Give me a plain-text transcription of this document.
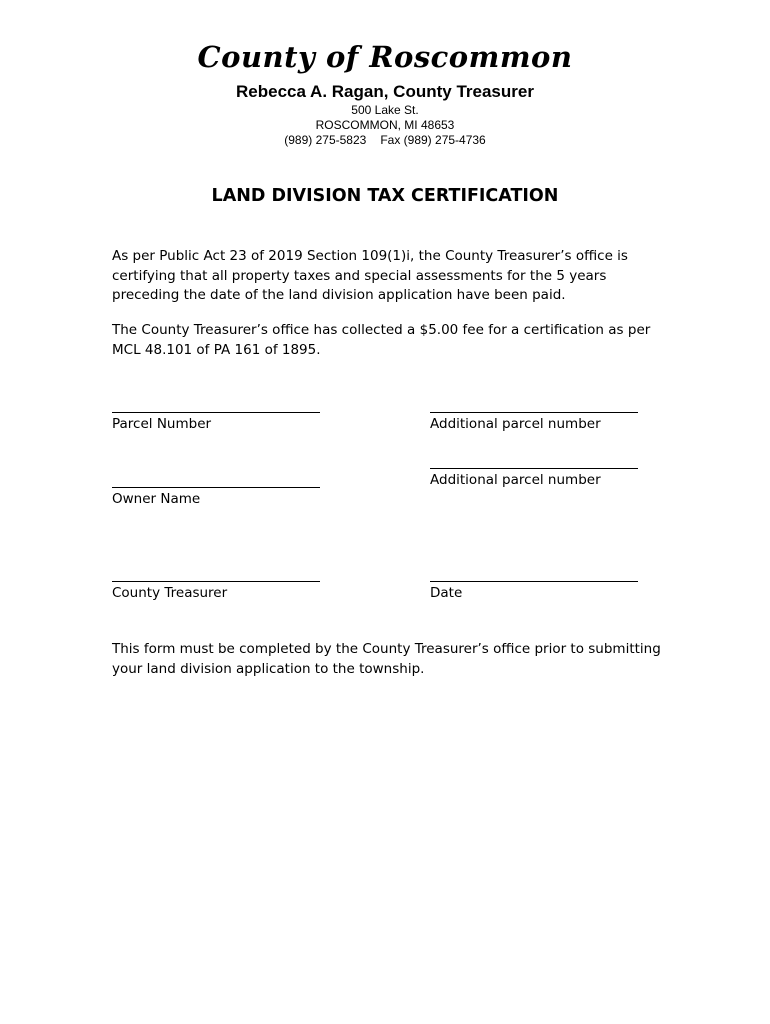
County of Roscommon
Rebecca A. Ragan, County Treasurer
500 Lake St.
ROSCOMMON, MI 48653
(989) 275-5823 Fax (989) 275-4736
LAND DIVISION TAX CERTIFICATION
As per Public Act 23 of 2019 Section 109(1)i, the County Treasurer’s office is
certifying that all property taxes and special assessments for the 5 years
preceding the date of the land division application have been paid.
The County Treasurer’s office has collected a $5.00 fee for a certification as per
MCL 48.101 of PA 161 of 1895.
Parcel Number
Owner Name
County Treasurer
Additional parcel number
Additional parcel number
Date
This form must be completed by the County Treasurer’s office prior to submitting
your land division application to the township.
